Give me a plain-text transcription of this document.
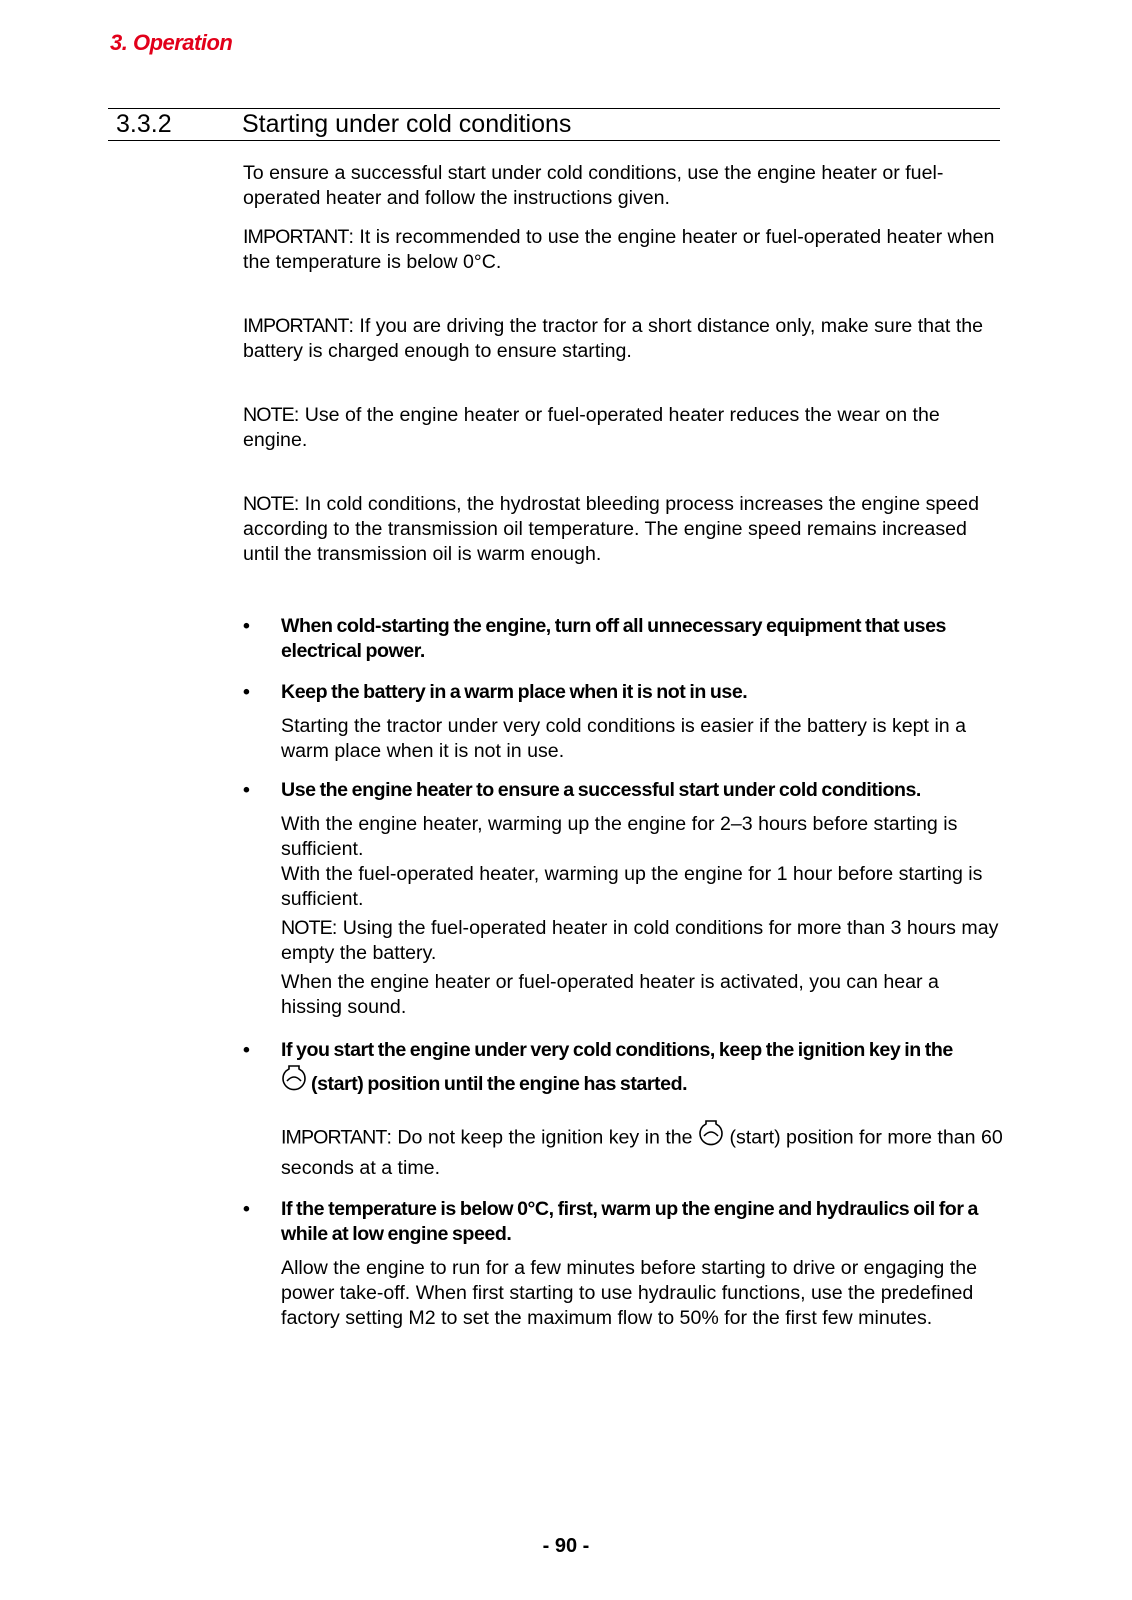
3. Operation
3.3.2	Starting under cold conditions

To ensure a successful start under cold conditions, use the engine heater or fuel-operated heater and follow the instructions given.

IMPORTANT: It is recommended to use the engine heater or fuel-operated heater when the temperature is below 0°C.

IMPORTANT: If you are driving the tractor for a short distance only, make sure that the battery is charged enough to ensure starting.

NOTE: Use of the engine heater or fuel-operated heater reduces the wear on the engine.

NOTE: In cold conditions, the hydrostat bleeding process increases the engine speed according to the transmission oil temperature. The engine speed remains increased until the transmission oil is warm enough.

• When cold-starting the engine, turn off all unnecessary equipment that uses electrical power.

• Keep the battery in a warm place when it is not in use.

Starting the tractor under very cold conditions is easier if the battery is kept in a warm place when it is not in use.

• Use the engine heater to ensure a successful start under cold conditions.

With the engine heater, warming up the engine for 2–3 hours before starting is sufficient.

With the fuel-operated heater, warming up the engine for 1 hour before starting is sufficient.

NOTE: Using the fuel-operated heater in cold conditions for more than 3 hours may empty the battery.

When the engine heater or fuel-operated heater is activated, you can hear a hissing sound.

• If you start the engine under very cold conditions, keep the ignition key in the
(start) position until the engine has started.

IMPORTANT: Do not keep the ignition key in the  (start) position for more than 60 seconds at a time.

• If the temperature is below 0°C, first, warm up the engine and hydraulics oil for a while at low engine speed.

Allow the engine to run for a few minutes before starting to drive or engaging the power take-off. When first starting to use hydraulic functions, use the predefined factory setting M2 to set the maximum flow to 50% for the first few minutes.

- 90 -
